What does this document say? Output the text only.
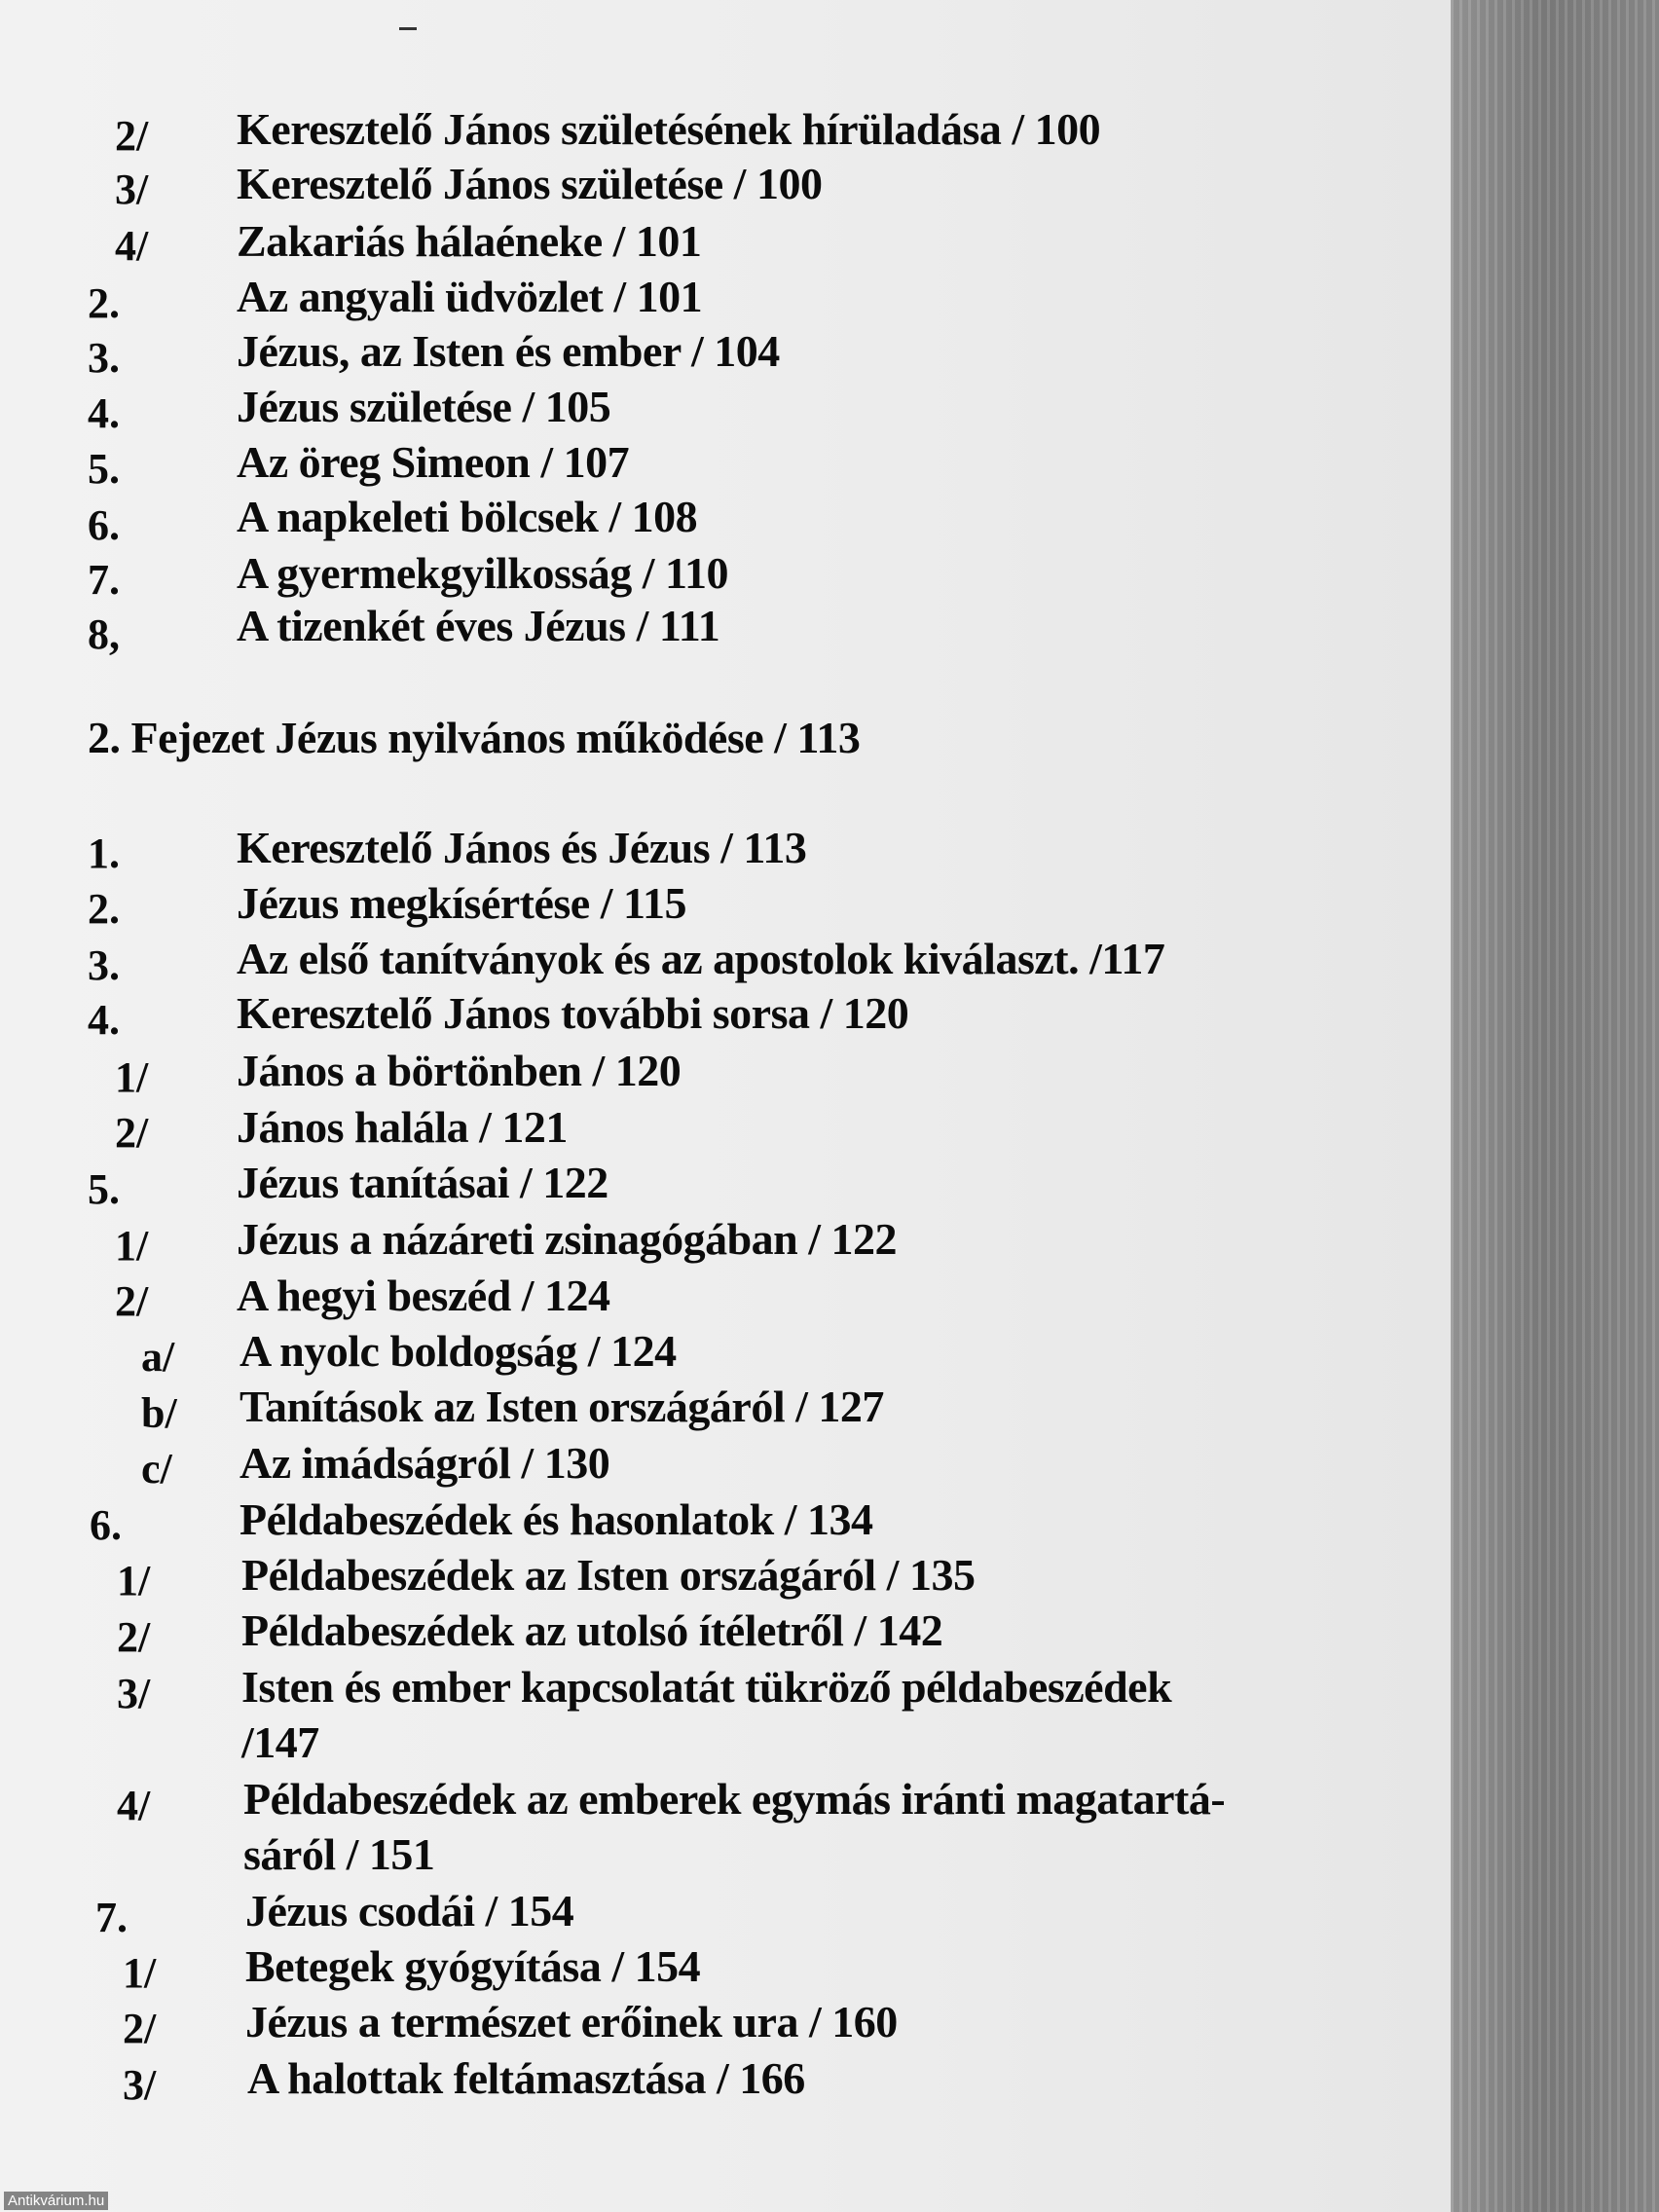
2/ Keresztelő János születésének hírüladása / 100
3/ Keresztelő János születése / 100
4/ Zakariás hálaéneke / 101
2.	Az angyali üdvözlet / 101
3.	Jézus, az Isten és ember / 104
4.	Jézus születése / 105
5.	Az öreg Simeon / 107
6.	A napkeleti bölcsek / 108
7.	A gyermekgyilkosság / 110
8,	A tizenkét éves Jézus / 111
2. Fejezet Jézus nyilvános működése / 113
1.	Keresztelő János és Jézus / 113
2.	Jézus megkísértése / 115
3.	Az első tanítványok és az apostolok kiválaszt. /117
4.	Keresztelő János további sorsa / 120
1/ János a börtönben / 120
2/ János halála / 121
5.	Jézus tanításai / 122
1/ Jézus a názáreti zsinagógában / 122
2/ A hegyi beszéd / 124
a/ A nyolc boldogság / 124
b/ Tanítások az Isten országáról / 127
c/ Az imádságról / 130
6.	Példabeszédek és hasonlatok / 134
1/ Példabeszédek az Isten országáról / 135
2/ Példabeszédek az utolsó ítéletről / 142
3/ Isten és ember kapcsolatát tükröző példabeszédek
/147
4/ Példabeszédek az emberek egymás iránti magatartá-
sáról / 151
7.	Jézus csodái / 154
1/ Betegek gyógyítása / 154
2/ Jézus a természet erőinek ura / 160
3/ A halottak feltámasztása / 166
Antikvárium.hu
